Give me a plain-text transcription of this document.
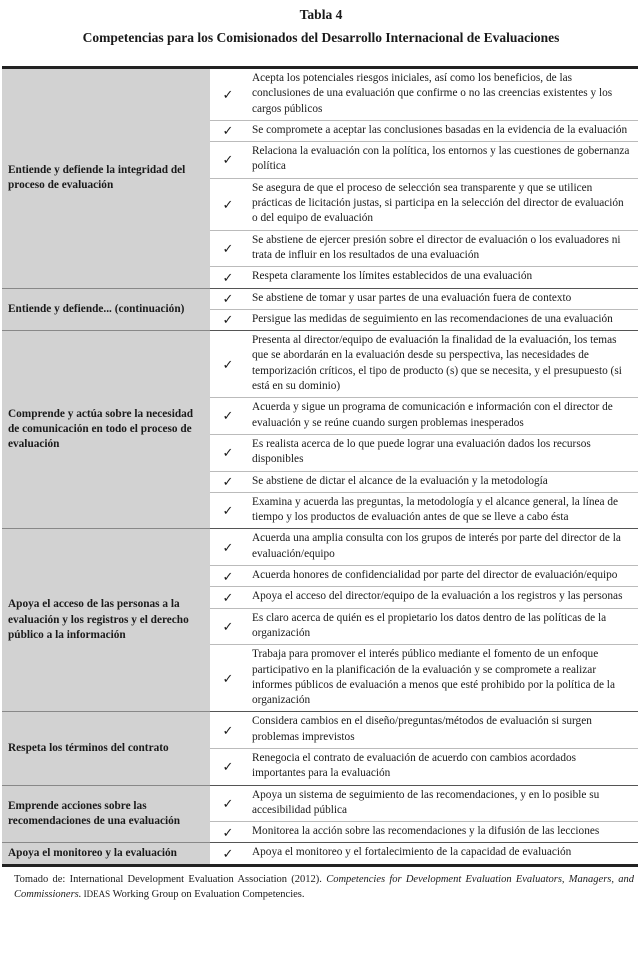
Tabla 4
Competencias para los Comisionados del Desarrollo Internacional de Evaluaciones
Entiende y defiende la integridad del proceso de evaluación	✓	Acepta los potenciales riesgos iniciales, así como los beneficios, de las conclusiones de una evaluación que confirme o no las creencias existentes y los cargos públicos
	✓	Se compromete a aceptar las conclusiones basadas en la evidencia de la evaluación
	✓	Relaciona la evaluación con la política, los entornos y las cuestiones de gobernanza política
	✓	Se asegura de que el proceso de selección sea transparente y que se utilicen prácticas de licitación justas, si participa en la selección del director de evaluación o del equipo de evaluación
	✓	Se abstiene de ejercer presión sobre el director de evaluación o los evaluadores ni trata de influir en los resultados de una evaluación
	✓	Respeta claramente los límites establecidos de una evaluación
Entiende y defiende... (continuación)	✓	Se abstiene de tomar y usar partes de una evaluación fuera de contexto
	✓	Persigue las medidas de seguimiento en las recomendaciones de una evaluación
Comprende y actúa sobre la necesidad de comunicación en todo el proceso de evaluación	✓	Presenta al director/equipo de evaluación la finalidad de la evaluación, los temas que se abordarán en la evaluación desde su perspectiva, las necesidades de temporización críticos, el tipo de producto (s) que se necesita, y el presupuesto (si está en su dominio)
	✓	Acuerda y sigue un programa de comunicación e información con el director de evaluación y se reúne cuando surgen problemas inesperados
	✓	Es realista acerca de lo que puede lograr una evaluación dados los recursos disponibles
	✓	Se abstiene de dictar el alcance de la evaluación y la metodología
	✓	Examina y acuerda las preguntas, la metodología y el alcance general, la línea de tiempo y los productos de evaluación antes de que se lleve a cabo ésta
Apoya el acceso de las personas a la evaluación y los registros y el derecho público a la información	✓	Acuerda una amplia consulta con los grupos de interés por parte del director de la evaluación/equipo
	✓	Acuerda honores de confidencialidad por parte del director de evaluación/equipo
	✓	Apoya el acceso del director/equipo de la evaluación a los registros y las personas
	✓	Es claro acerca de quién es el propietario los datos dentro de las políticas de la organización
	✓	Trabaja para promover el interés público mediante el fomento de un enfoque participativo en la planificación de la evaluación y se compromete a realizar informes públicos de evaluación a menos que esté prohibido por la política de la organización
Respeta los términos del contrato	✓	Considera cambios en el diseño/preguntas/métodos de evaluación si surgen problemas imprevistos
	✓	Renegocia el contrato de evaluación de acuerdo con cambios acordados importantes para la evaluación
Emprende acciones sobre las recomendaciones de una evaluación	✓	Apoya un sistema de seguimiento de las recomendaciones, y en lo posible su accesibilidad pública
	✓	Monitorea la acción sobre las recomendaciones y la difusión de las lecciones
Apoya el monitoreo y la evaluación	✓	Apoya el monitoreo y el fortalecimiento de la capacidad de evaluación
Tomado de: International Development Evaluation Association (2012). Competencies for Development Evaluation Evaluators, Managers, and Commissioners. IDEAS Working Group on Evaluation Competencies.
